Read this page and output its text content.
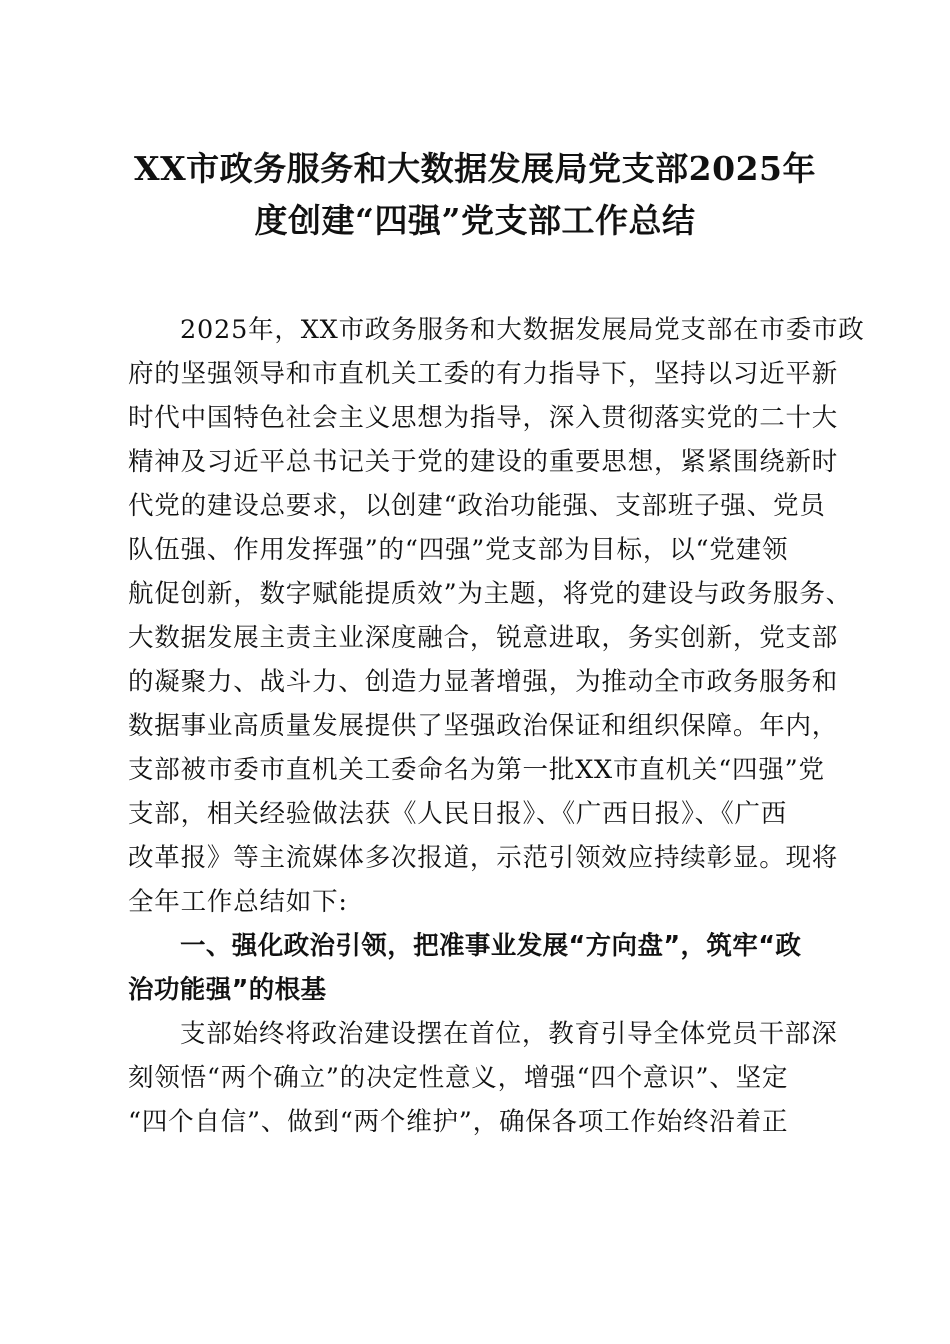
XX市政务服务和大数据发展局党支部2025年
度创建“四强”党支部工作总结
2025年，XX市政务服务和大数据发展局党支部在市委市政
府的坚强领导和市直机关工委的有力指导下，坚持以习近平新
时代中国特色社会主义思想为指导，深入贯彻落实党的二十大
精神及习近平总书记关于党的建设的重要思想，紧紧围绕新时
代党的建设总要求，以创建“政治功能强、支部班子强、党员
队伍强、作用发挥强”的“四强”党支部为目标，以“党建领
航促创新，数字赋能提质效”为主题，将党的建设与政务服务、
大数据发展主责主业深度融合，锐意进取，务实创新，党支部
的凝聚力、战斗力、创造力显著增强，为推动全市政务服务和
数据事业高质量发展提供了坚强政治保证和组织保障。年内，
支部被市委市直机关工委命名为第一批XX市直机关“四强”党
支部，相关经验做法获《人民日报》、《广西日报》、《广西
改革报》等主流媒体多次报道，示范引领效应持续彰显。现将
全年工作总结如下:
一、强化政治引领，把准事业发展“方向盘”，筑牢“政
治功能强”的根基
支部始终将政治建设摆在首位，教育引导全体党员干部深
刻领悟“两个确立”的决定性意义，增强“四个意识”、坚定
“四个自信”、做到“两个维护”，确保各项工作始终沿着正
